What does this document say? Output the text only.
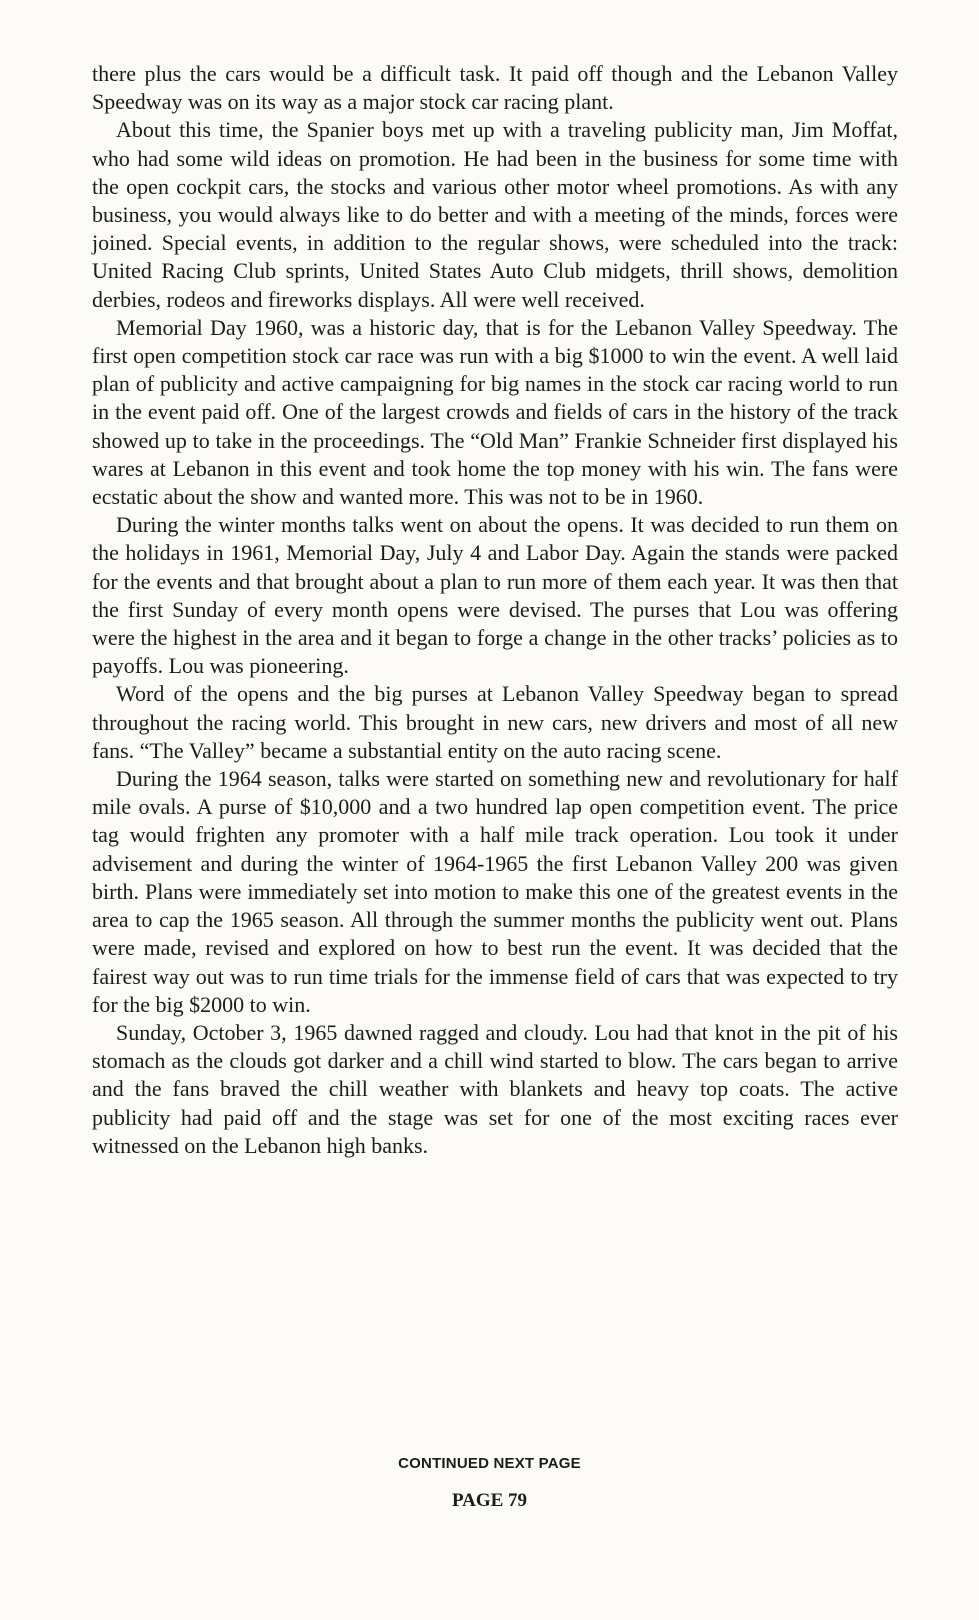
there plus the cars would be a difficult task. It paid off though and the Lebanon Valley Speedway was on its way as a major stock car racing plant.

About this time, the Spanier boys met up with a traveling publicity man, Jim Moffat, who had some wild ideas on promotion. He had been in the business for some time with the open cockpit cars, the stocks and various other motor wheel promotions. As with any business, you would always like to do better and with a meeting of the minds, forces were joined. Special events, in addition to the regular shows, were scheduled into the track: United Racing Club sprints, United States Auto Club midgets, thrill shows, demolition derbies, rodeos and fireworks displays. All were well received.

Memorial Day 1960, was a historic day, that is for the Lebanon Valley Speedway. The first open competition stock car race was run with a big $1000 to win the event. A well laid plan of publicity and active campaigning for big names in the stock car racing world to run in the event paid off. One of the largest crowds and fields of cars in the history of the track showed up to take in the proceedings. The “Old Man” Frankie Schneider first displayed his wares at Lebanon in this event and took home the top money with his win. The fans were ecstatic about the show and wanted more. This was not to be in 1960.

During the winter months talks went on about the opens. It was decided to run them on the holidays in 1961, Memorial Day, July 4 and Labor Day. Again the stands were packed for the events and that brought about a plan to run more of them each year. It was then that the first Sunday of every month opens were devised. The purses that Lou was offering were the highest in the area and it began to forge a change in the other tracks’ policies as to payoffs. Lou was pioneering.

Word of the opens and the big purses at Lebanon Valley Speedway began to spread throughout the racing world. This brought in new cars, new drivers and most of all new fans. “The Valley” became a substantial entity on the auto racing scene.

During the 1964 season, talks were started on something new and revolutionary for half mile ovals. A purse of $10,000 and a two hundred lap open competition event. The price tag would frighten any promoter with a half mile track operation. Lou took it under advisement and during the winter of 1964-1965 the first Lebanon Valley 200 was given birth. Plans were immediately set into motion to make this one of the greatest events in the area to cap the 1965 season. All through the summer months the publicity went out. Plans were made, revised and explored on how to best run the event. It was decided that the fairest way out was to run time trials for the immense field of cars that was expected to try for the big $2000 to win.

Sunday, October 3, 1965 dawned ragged and cloudy. Lou had that knot in the pit of his stomach as the clouds got darker and a chill wind started to blow. The cars began to arrive and the fans braved the chill weather with blankets and heavy top coats. The active publicity had paid off and the stage was set for one of the most exciting races ever witnessed on the Lebanon high banks.

CONTINUED NEXT PAGE
PAGE 79
